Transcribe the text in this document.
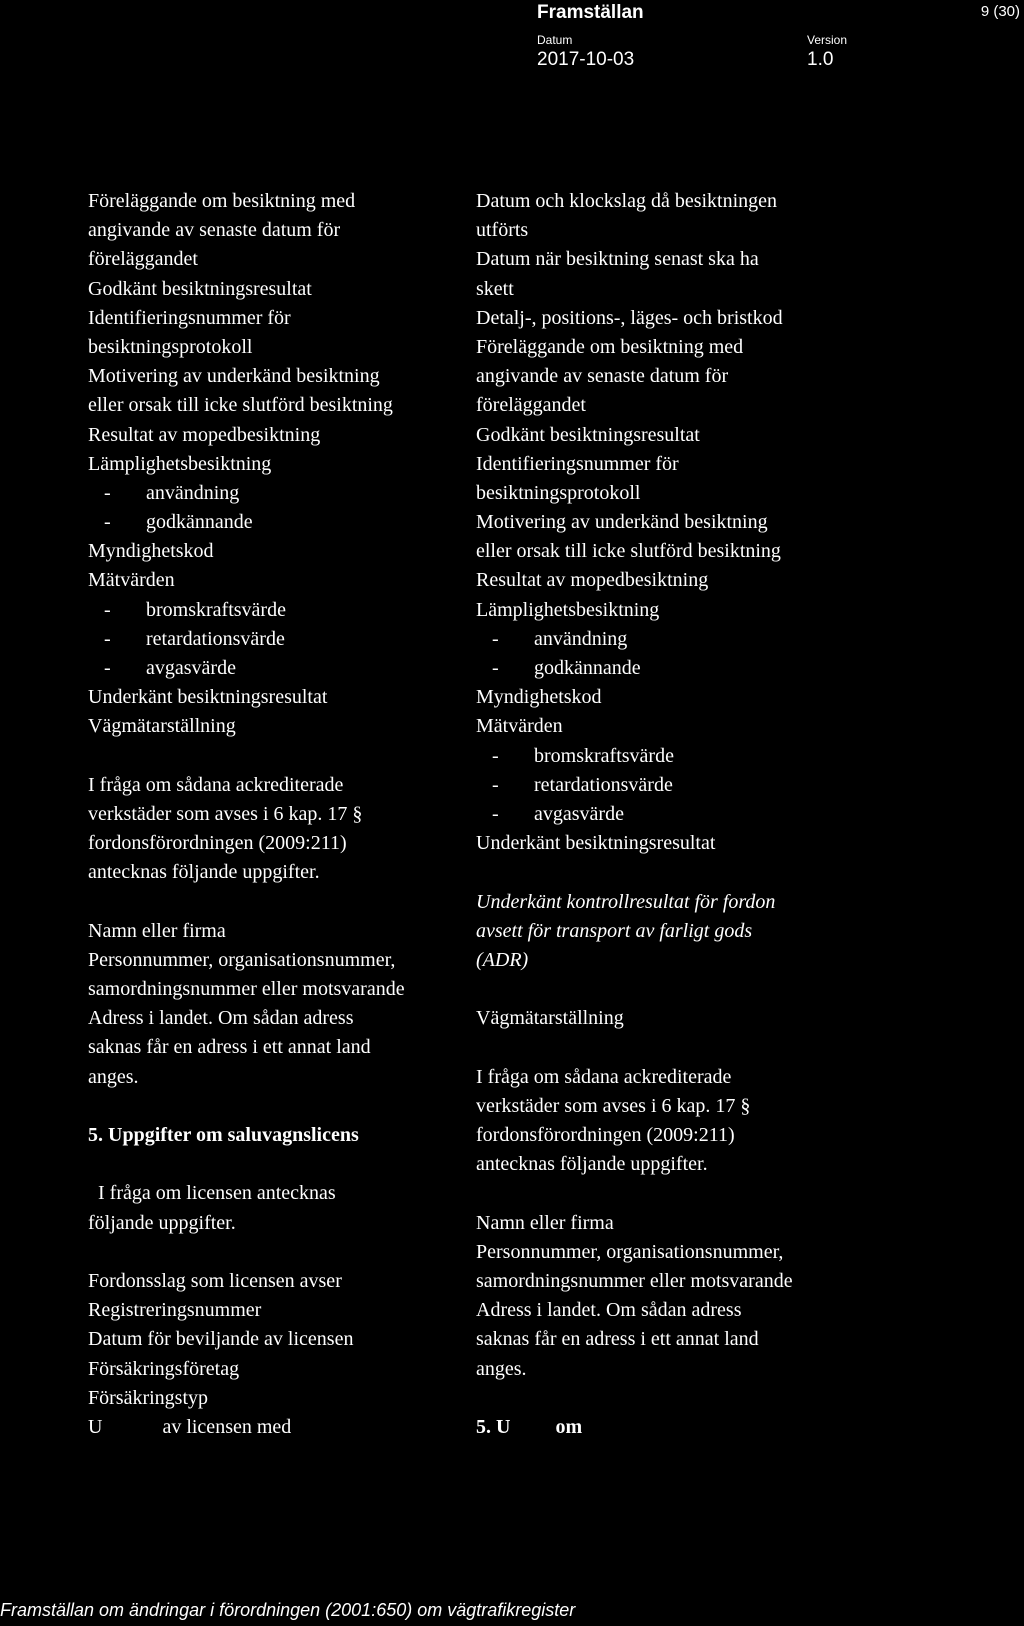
Framställan	9 (30)
Datum
2017-10-03
Version
1.0
Föreläggande om besiktning med
angivande av senaste datum för
föreläggandet
Godkänt besiktningsresultat
Identifieringsnummer för
besiktningsprotokoll
Motivering av underkänd besiktning
eller orsak till icke slutförd besiktning
Resultat av mopedbesiktning
Lämplighetsbesiktning
- användning
- godkännande
Myndighetskod
Mätvärden
- bromskraftsvärde
- retardationsvärde
- avgasvärde
Underkänt besiktningsresultat
Vägmätarställning
I fråga om sådana ackrediterade
verkstäder som avses i 6 kap. 17 §
fordonsförordningen (2009:211)
antecknas följande uppgifter.
Namn eller firma
Personnummer, organisationsnummer,
samordningsnummer eller motsvarande
Adress i landet. Om sådan adress
saknas får en adress i ett annat land
anges.
5. Uppgifter om saluvagnslicens
I fråga om licensen antecknas
följande uppgifter.
Fordonsslag som licensen avser
Registreringsnummer
Datum för beviljande av licensen
Försäkringsföretag
Försäkringstyp
U            av licensen med
Datum och klockslag då besiktningen
utförts
Datum när besiktning senast ska ha
skett
Detalj-, positions-, läges- och bristkod
Föreläggande om besiktning med
angivande av senaste datum för
föreläggandet
Godkänt besiktningsresultat
Identifieringsnummer för
besiktningsprotokoll
Motivering av underkänd besiktning
eller orsak till icke slutförd besiktning
Resultat av mopedbesiktning
Lämplighetsbesiktning
- användning
- godkännande
Myndighetskod
Mätvärden
- bromskraftsvärde
- retardationsvärde
- avgasvärde
Underkänt besiktningsresultat
Underkänt kontrollresultat för fordon
avsett för transport av farligt gods
(ADR)
Vägmätarställning
I fråga om sådana ackrediterade
verkstäder som avses i 6 kap. 17 §
fordonsförordningen (2009:211)
antecknas följande uppgifter.
Namn eller firma
Personnummer, organisationsnummer,
samordningsnummer eller motsvarande
Adress i landet. Om sådan adress
saknas får en adress i ett annat land
anges.
5. U         om
Framställan om ändringar i förordningen (2001:650) om vägtrafikregister
